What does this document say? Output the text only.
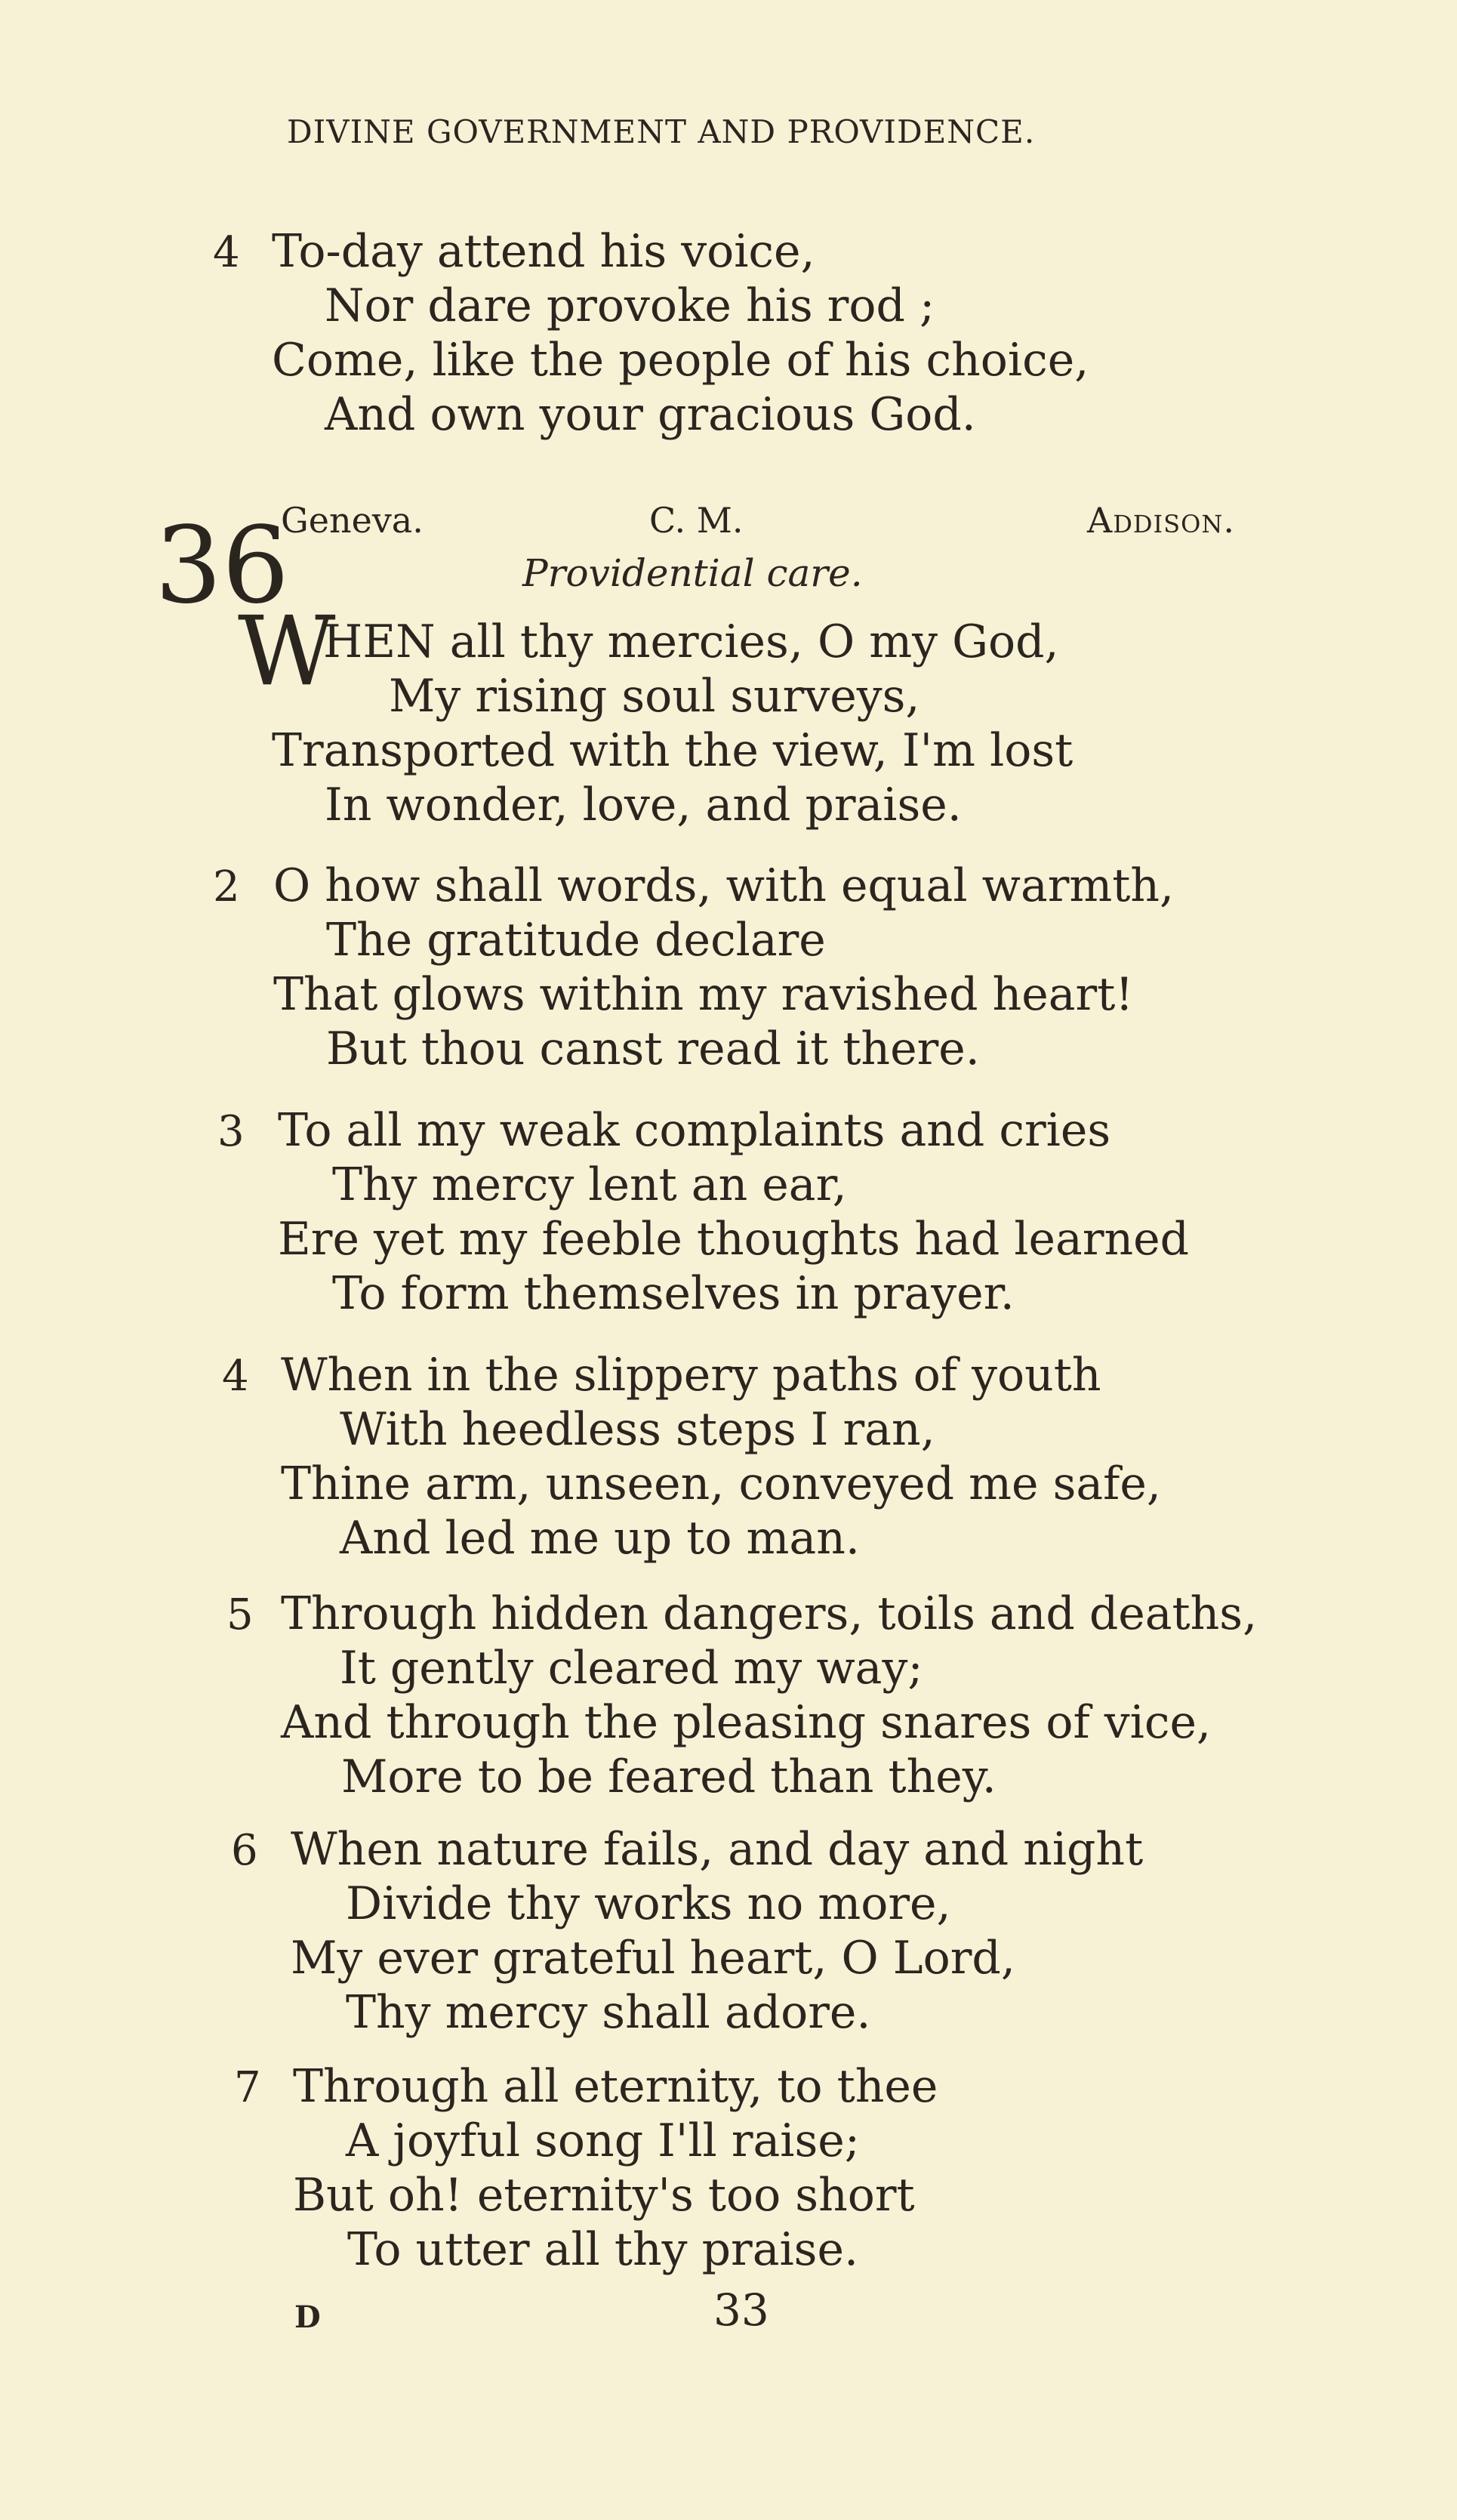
DIVINE GOVERNMENT AND PROVIDENCE.
4 To-day attend his voice,
Nor dare provoke his rod ;
Come, like the people of his choice,
And own your gracious God.
36
Geneva.	C. M.	Addison.
Providential care.
W
HEN all thy mercies, O my God,
My rising soul surveys,
Transported with the view, I'm lost
In wonder, love, and praise.
2 O how shall words, with equal warmth,
The gratitude declare
That glows within my ravished heart!
But thou canst read it there.
3 To all my weak complaints and cries
Thy mercy lent an ear,
Ere yet my feeble thoughts had learned
To form themselves in prayer.
4 When in the slippery paths of youth
With heedless steps I ran,
Thine arm, unseen, conveyed me safe,
And led me up to man.
5 Through hidden dangers, toils and deaths,
It gently cleared my way;
And through the pleasing snares of vice,
More to be feared than they.
6 When nature fails, and day and night
Divide thy works no more,
My ever grateful heart, O Lord,
Thy mercy shall adore.
7 Through all eternity, to thee
A joyful song I'll raise;
But oh! eternity's too short
To utter all thy praise.
D	33
